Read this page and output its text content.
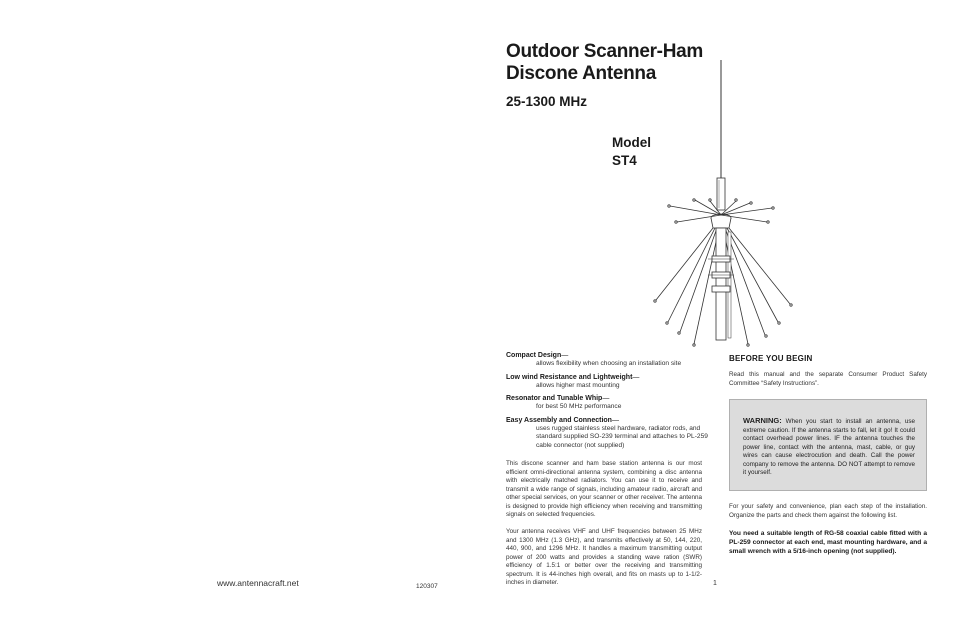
www.antennacraft.net	120307
Outdoor Scanner-Ham
Discone Antenna
25-1300 MHz
Model
ST4
Compact Design—
allows flexibility when choosing an installation site
Low wind Resistance and Lightweight—
allows higher mast mounting
Resonator and Tunable Whip—
for best 50 MHz performance
Easy Assembly and Connection—
uses rugged stainless steel hardware, radiator rods, and standard supplied SO-239 terminal and attaches to PL-259 cable connector (not supplied)
This discone scanner and ham base station antenna is our most efficient omni-directional antenna system, combining a disc antenna with electrically matched radiators. You can use it to receive and transmit a wide range of signals, including amateur radio, aircraft and other special services, on your scanner or other receiver. The antenna is designed to provide high efficiency when receiving and transmitting signals on selected frequencies.
Your antenna receives VHF and UHF frequencies between 25 MHz and 1300 MHz (1.3 GHz), and transmits effectively at 50, 144, 220, 440, 900, and 1296 MHz. It handles a maximum transmitting output power of 200 watts and provides a standing wave ration (SWR) efficiency of 1.5:1 or better over the receiving and transmitting spectrum. It is 44-inches high overall, and fits on masts up to 1-1/2-inches in diameter.	1
BEFORE YOU BEGIN
Read this manual and the separate Consumer Product Safety Committee “Safety Instructions”.
WARNING: When you start to install an antenna, use extreme caution. If the antenna starts to fall, let it go! It could contact overhead power lines. IF the antenna touches the power line, contact with the antenna, mast, cable, or guy wires can cause electrocution and death. Call the power company to remove the antenna. DO NOT attempt to remove it yourself.
For your safety and convenience, plan each step of the installation. Organize the parts and check them against the following list.
You need a suitable length of RG-58 coaxial cable fitted with a PL-259 connector at each end, mast mounting hardware, and a small wrench with a 5/16-inch opening (not supplied).
